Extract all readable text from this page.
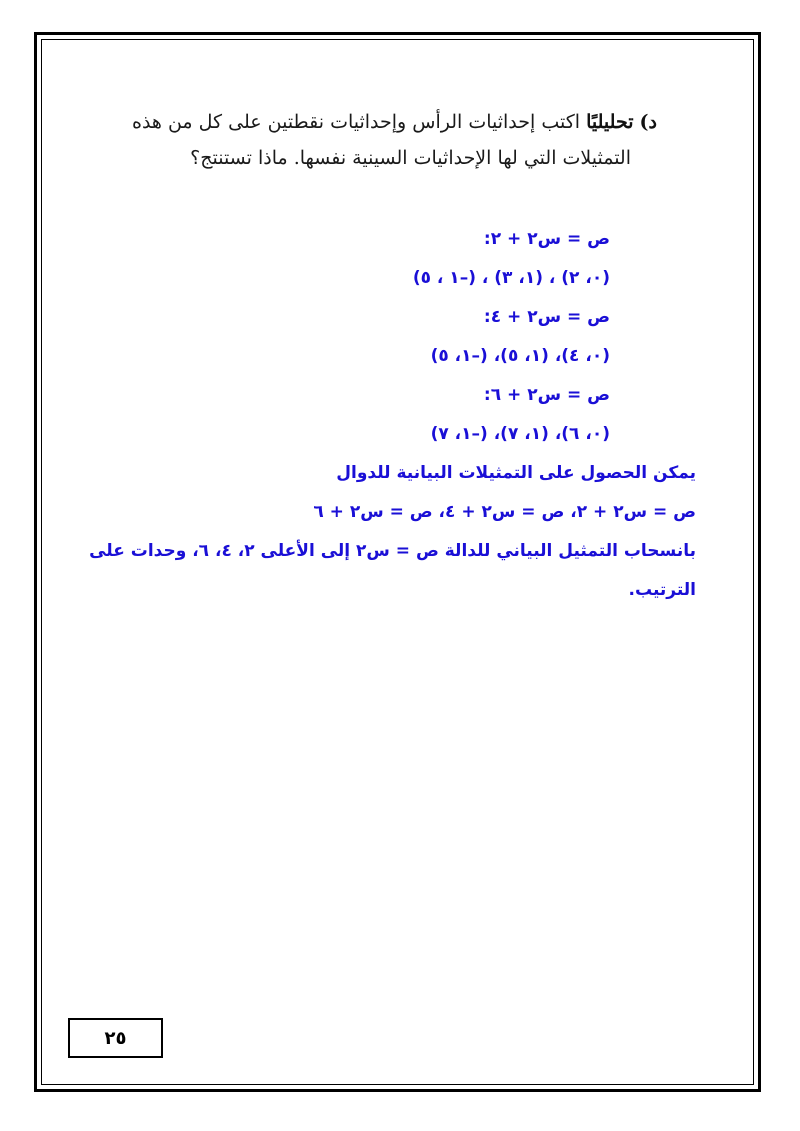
د) تحليليًا اكتب إحداثيات الرأس وإحداثيات نقطتين على كل من هذه
التمثيلات التي لها الإحداثيات السينية نفسها. ماذا تستنتج؟
ص = س٢ + ٢:
(٠، ٢) ، (١، ٣) ، (–١ ، ٥)
ص = س٢ + ٤:
(٠، ٤)، (١، ٥)، (–١، ٥)
ص = س٢ + ٦:
(٠، ٦)، (١، ٧)، (–١، ٧)
يمكن الحصول على التمثيلات البيانية للدوال
ص = س٢ + ٢، ص = س٢ + ٤، ص = س٢ + ٦
بانسحاب التمثيل البياني للدالة ص = س٢ إلى الأعلى ٢، ٤، ٦، وحدات على الترتيب.
٢٥
